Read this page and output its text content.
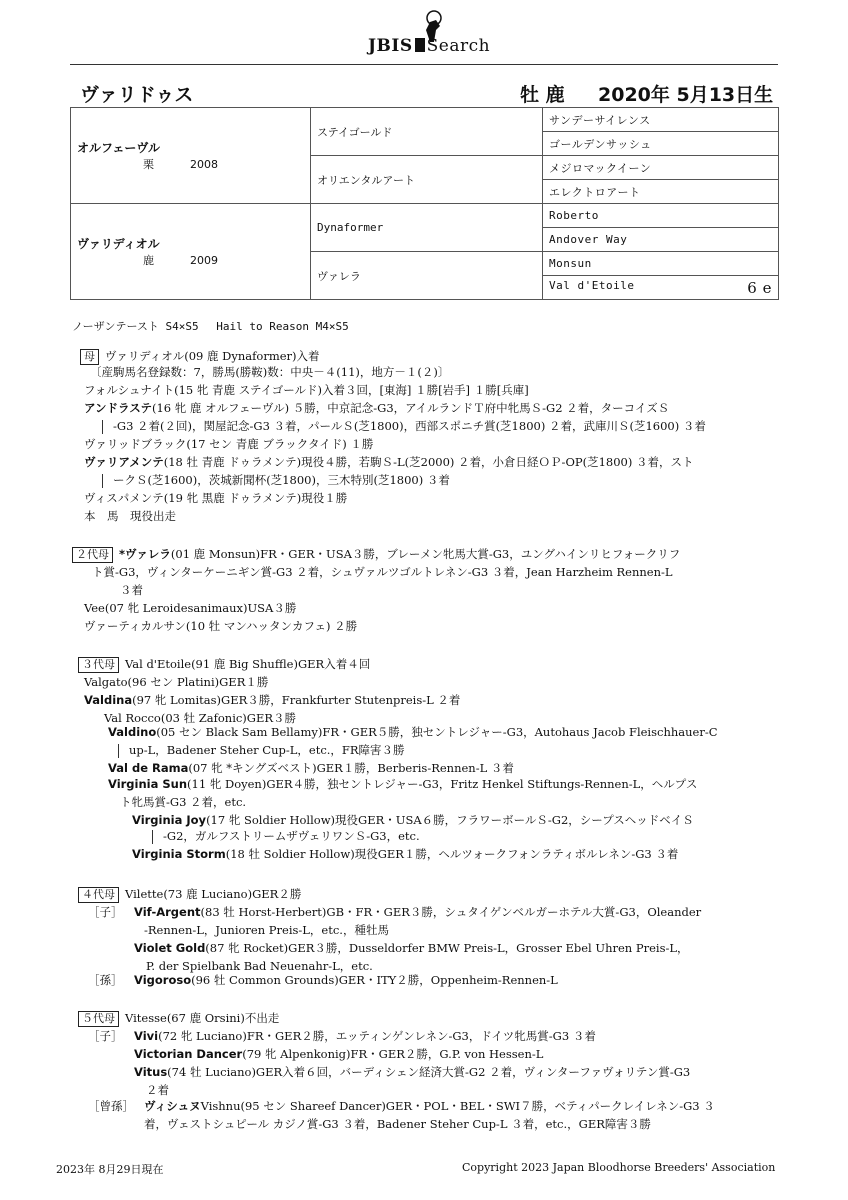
JBIS Search
ヴァリドゥス	牡 鹿 2020年 5月13日生
オルフェーヴル
栗 2008	ステイゴールド	サンデーサイレンス
		ゴールデンサッシュ
	オリエンタルアート	メジロマックイーン
		エレクトロアート

ヴァリディオル
鹿 2009	Dynaformer	Roberto
		Andover Way
	ヴァレラ	Monsun
		Val d'Etoile 6 e
ノーザンテースト S4×S5　 Hail to Reason M4×S5
母 ヴァリディオル(09 鹿 Dynaformer)入着
〔産駒馬名登録数：7，勝馬(勝鞍)数：中央－４(11)，地方－１(２)〕
フォルシュナイト(15 牝 青鹿 ステイゴールド)入着３回，[東海] １勝[岩手] １勝[兵庫]
アンドラステ(16 牝 鹿 オルフェーヴル) ５勝，中京記念-G3，アイルランドＴ府中牝馬Ｓ-G2 ２着，ターコイズＳ
-G3 ２着(２回)，関屋記念-G3 ３着，パールＳ(芝1800)，西部スポニチ賞(芝1800) ２着，武庫川Ｓ(芝1600) ３着
ヴァリッドブラック(17 セン 青鹿 ブラックタイド) １勝
ヴァリアメンテ(18 牡 青鹿 ドゥラメンテ)現役４勝，若駒Ｓ-L(芝2000) ２着，小倉日経ＯＰ-OP(芝1800) ３着，スト
ークＳ(芝1600)，茨城新聞杯(芝1800)，三木特別(芝1800) ３着
ヴィスパメンテ(19 牝 黒鹿 ドゥラメンテ)現役１勝
本　馬　現役出走
２代母 *ヴァレラ(01 鹿 Monsun)FR・GER・USA３勝，ブレーメン牝馬大賞-G3，ユングハインリヒフォークリフ
ト賞-G3，ヴィンターケーニギン賞-G3 ２着，シュヴァルツゴルトレネン-G3 ３着，Jean Harzheim Rennen-L
３着
Vee(07 牝 Leroidesanimaux)USA３勝
ヴァーティカルサン(10 牡 マンハッタンカフェ) ２勝
３代母 Val d'Etoile(91 鹿 Big Shuffle)GER入着４回
Valgato(96 セン Platini)GER１勝
Valdina(97 牝 Lomitas)GER３勝，Frankfurter Stutenpreis-L ２着
Val Rocco(03 牡 Zafonic)GER３勝
Valdino(05 セン Black Sam Bellamy)FR・GER５勝，独セントレジャー-G3，Autohaus Jacob Fleischhauer-C
up-L，Badener Steher Cup-L，etc.，FR障害３勝
Val de Rama(07 牝 *キングズベスト)GER１勝，Berberis-Rennen-L ３着
Virginia Sun(11 牝 Doyen)GER４勝，独セントレジャー-G3，Fritz Henkel Stiftungs-Rennen-L，ヘルプス
ト牝馬賞-G3 ２着，etc.
Virginia Joy(17 牝 Soldier Hollow)現役GER・USA６勝，フラワーボールＳ-G2，シープスヘッドベイＳ
-G2，ガルフストリームザヴェリワンＳ-G3，etc.
Virginia Storm(18 牡 Soldier Hollow)現役GER１勝，ヘルツォークフォンラティボルレネン-G3 ３着
４代母 Vilette(73 鹿 Luciano)GER２勝
［子］ Vif-Argent(83 牡 Horst-Herbert)GB・FR・GER３勝，シュタイゲンベルガーホテル大賞-G3，Oleander
-Rennen-L，Junioren Preis-L，etc.，種牡馬
Violet Gold(87 牝 Rocket)GER３勝，Dusseldorfer BMW Preis-L，Grosser Ebel Uhren Preis-L，
P. der Spielbank Bad Neuenahr-L，etc.
［孫］ Vigoroso(96 牡 Common Grounds)GER・ITY２勝，Oppenheim-Rennen-L
５代母 Vitesse(67 鹿 Orsini)不出走
［子］ Vivi(72 牝 Luciano)FR・GER２勝，エッティンゲンレネン-G3，ドイツ牝馬賞-G3 ３着
Victorian Dancer(79 牝 Alpenkonig)FR・GER２勝，G.P. von Hessen-L
Vitus(74 牡 Luciano)GER入着６回，バーディシェン経済大賞-G2 ２着，ヴィンターファヴォリテン賞-G3
２着
［曾孫］ ヴィシュヌVishnu(95 セン Shareef Dancer)GER・POL・BEL・SWI７勝，ベティパークレイレネン-G3 ３
着，ヴェストシュピール カジノ賞-G3 ３着，Badener Steher Cup-L ３着，etc.，GER障害３勝
2023年 8月29日現在	Copyright 2023 Japan Bloodhorse Breeders' Association
